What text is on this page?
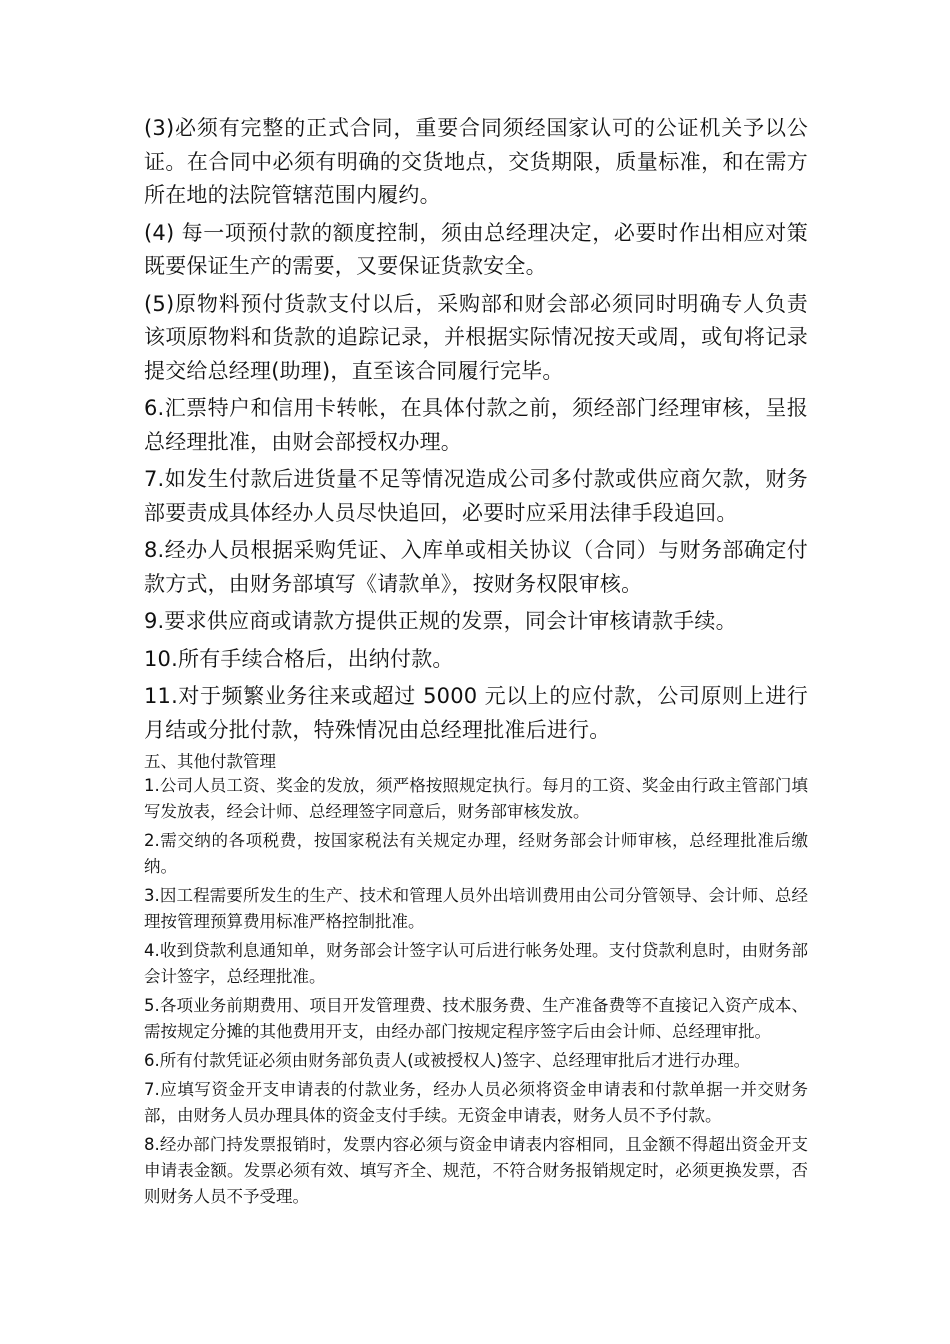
(3)必须有完整的正式合同，重要合同须经国家认可的公证机关予以公证。在合同中必须有明确的交货地点，交货期限，质量标准，和在需方所在地的法院管辖范围内履约。

(4) 每一项预付款的额度控制，须由总经理决定，必要时作出相应对策既要保证生产的需要，又要保证货款安全。

(5)原物料预付货款支付以后，采购部和财会部必须同时明确专人负责该项原物料和货款的追踪记录，并根据实际情况按天或周，或旬将记录提交给总经理(助理)，直至该合同履行完毕。

6.汇票特户和信用卡转帐，在具体付款之前，须经部门经理审核，呈报总经理批准，由财会部授权办理。

7.如发生付款后进货量不足等情况造成公司多付款或供应商欠款，财务部要责成具体经办人员尽快追回，必要时应采用法律手段追回。

8.经办人员根据采购凭证、入库单或相关协议（合同）与财务部确定付款方式，由财务部填写《请款单》，按财务权限审核。

9.要求供应商或请款方提供正规的发票，同会计审核请款手续。

10.所有手续合格后，出纳付款。

11.对于频繁业务往来或超过 5000 元以上的应付款，公司原则上进行月结或分批付款，特殊情况由总经理批准后进行。

五、其他付款管理

1.公司人员工资、奖金的发放，须严格按照规定执行。每月的工资、奖金由行政主管部门填写发放表，经会计师、总经理签字同意后，财务部审核发放。

2.需交纳的各项税费，按国家税法有关规定办理，经财务部会计师审核，总经理批准后缴纳。

3.因工程需要所发生的生产、技术和管理人员外出培训费用由公司分管领导、会计师、总经理按管理预算费用标准严格控制批准。

4.收到贷款利息通知单，财务部会计签字认可后进行帐务处理。支付贷款利息时，由财务部会计签字，总经理批准。

5.各项业务前期费用、项目开发管理费、技术服务费、生产准备费等不直接记入资产成本、需按规定分摊的其他费用开支，由经办部门按规定程序签字后由会计师、总经理审批。

6.所有付款凭证必须由财务部负责人(或被授权人)签字、总经理审批后才进行办理。

7.应填写资金开支申请表的付款业务，经办人员必须将资金申请表和付款单据一并交财务部，由财务人员办理具体的资金支付手续。无资金申请表，财务人员不予付款。

8.经办部门持发票报销时，发票内容必须与资金申请表内容相同，且金额不得超出资金开支申请表金额。发票必须有效、填写齐全、规范，不符合财务报销规定时，必须更换发票，否则财务人员不予受理。
